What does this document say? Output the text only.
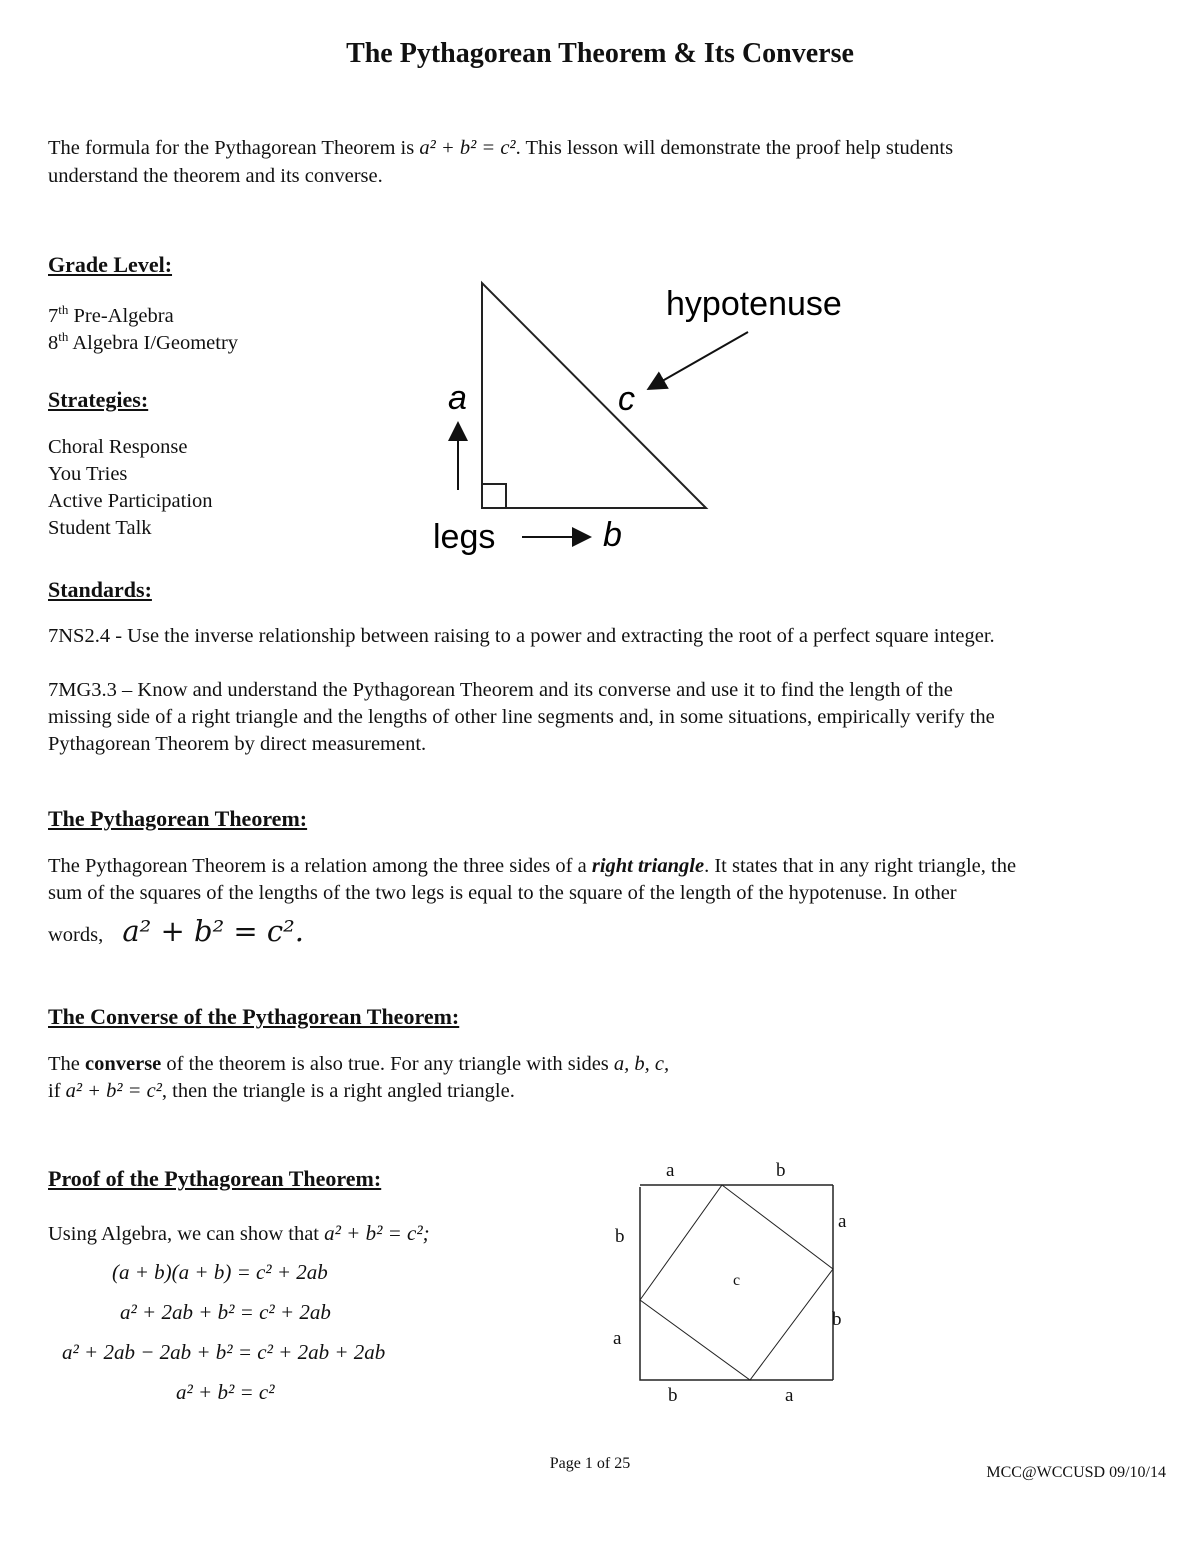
The Pythagorean Theorem & Its Converse

The formula for the Pythagorean Theorem is a² + b² = c². This lesson will demonstrate the proof help students

understand the theorem and its converse.

Grade Level:
7th Pre-Algebra
8th Algebra I/Geometry
Strategies:
Choral Response
You Tries
Active Participation
Student Talk
hypotenuse
a	c
b
legs
Standards:

7NS2.4 - Use the inverse relationship between raising to a power and extracting the root of a perfect square integer.

7MG3.3 – Know and understand the Pythagorean Theorem and its converse and use it to find the length of the

missing side of a right triangle and the lengths of other line segments and, in some situations, empirically verify the

Pythagorean Theorem by direct measurement.

The Pythagorean Theorem:

The Pythagorean Theorem is a relation among the three sides of a right triangle. It states that in any right triangle, the

sum of the squares of the lengths of the two legs is equal to the square of the length of the hypotenuse. In other

words, a² + b² = c².
The Converse of the Pythagorean Theorem:

The converse of the theorem is also true. For any triangle with sides a, b, c,

if a² + b² = c², then the triangle is a right angled triangle.

Proof of the Pythagorean Theorem:

Using Algebra, we can show that a² + b² = c²;

(a + b)(a + b) = c² + 2ab
a² + 2ab + b² = c² + 2ab
a² + 2ab − 2ab + b² = c² + 2ab + 2ab
a² + b² = c²
a	b
a
b
b	a
b
a
c
Page 1 of 25
MCC@WCCUSD 09/10/14
